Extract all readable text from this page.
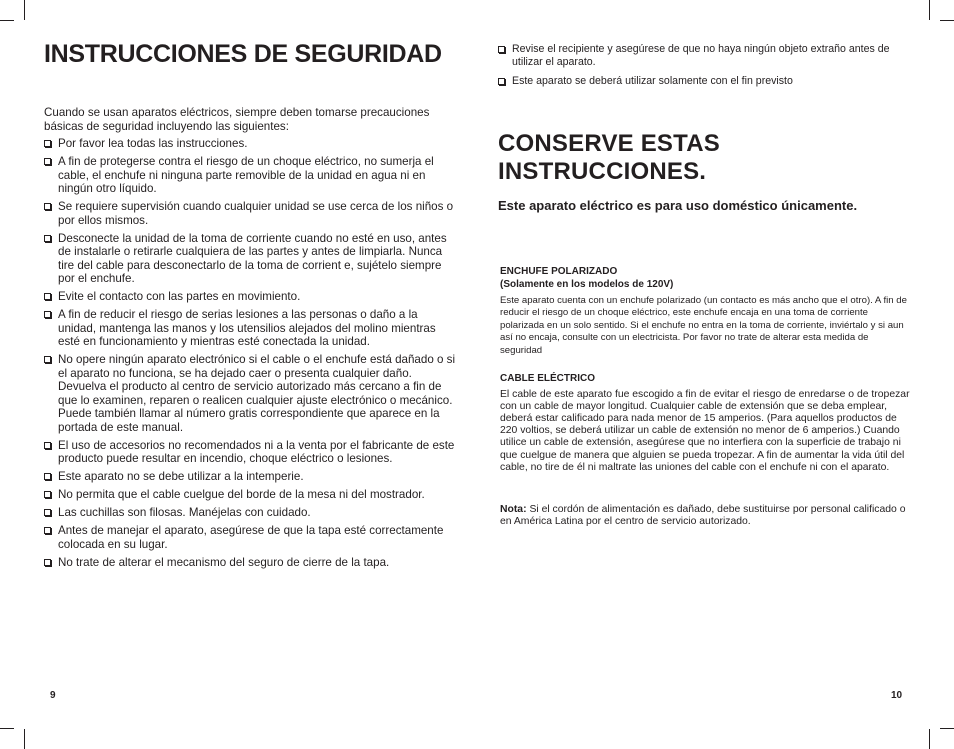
INSTRUCCIONES DE SEGURIDAD

Cuando se usan aparatos eléctricos, siempre deben tomarse precauciones básicas de seguridad incluyendo las siguientes:

Por favor lea todas las instrucciones.
A fin de protegerse contra el riesgo de un choque eléctrico, no sumerja el cable, el enchufe ni ninguna parte removible de la unidad en agua ni en ningún otro líquido.
Se requiere supervisión cuando cualquier unidad se use cerca de los niños o por ellos mismos.
Desconecte la unidad de la toma de corriente cuando no esté en uso, antes de instalarle o retirarle cualquiera de las partes y antes de limpiarla. Nunca tire del cable para desconectarlo de la toma de corrient e, sujételo siempre por el enchufe.
Evite el contacto con las partes en movimiento.
A fin de reducir el riesgo de serias lesiones a las personas o daño a la unidad, mantenga las manos y los utensilios alejados del molino mientras esté en funcionamiento y mientras esté conectada la unidad.
No opere ningún aparato electrónico si el cable o el enchufe está dañado o si el aparato no funciona, se ha dejado caer o presenta cualquier daño. Devuelva el producto al centro de servicio autorizado más cercano a fin de que lo examinen, reparen o realicen cualquier ajuste electrónico o mecánico. Puede también llamar al número gratis correspondiente que aparece en la portada de este manual.
El uso de accesorios no recomendados ni a la venta por el fabricante de este producto puede resultar en incendio, choque eléctrico o lesiones.
Este aparato no se debe utilizar a la intemperie.
No permita que el cable cuelgue del borde de la mesa ni del mostrador.
Las cuchillas son filosas. Manéjelas con cuidado.
Antes de manejar el aparato, asegúrese de que la tapa esté correctamente colocada en su lugar.
No trate de alterar el mecanismo del seguro de cierre de la tapa.
9
Revise el recipiente y asegúrese de que no haya ningún objeto extraño antes de utilizar el aparato.
Este aparato se deberá utilizar solamente con el fin previsto
CONSERVE ESTAS INSTRUCCIONES.

Este aparato eléctrico es para uso doméstico únicamente.

ENCHUFE POLARIZADO
(Solamente en los modelos de 120V)

Este aparato cuenta con un enchufe polarizado (un contacto es más ancho que el otro). A fin de reducir el riesgo de un choque eléctrico, este enchufe encaja en una toma de corriente polarizada en un solo sentido. Si el enchufe no entra en la toma de corriente, inviértalo y si aun así no encaja, consulte con un electricista. Por favor no trate de alterar esta medida de seguridad

CABLE ELÉCTRICO

El cable de este aparato fue escogido a fin de evitar el riesgo de enredarse o de tropezar con un cable de mayor longitud. Cualquier cable de extensión que se deba emplear, deberá estar calificado para nada menor de 15 amperios. (Para aquellos productos de 220 voltios, se deberá utilizar un cable de extensión no menor de 6 amperios.) Cuando utilice un cable de extensión, asegúrese que no interfiera con la superficie de trabajo ni que cuelgue de manera que alguien se pueda tropezar. A fin de aumentar la vida útil del cable, no tire de él ni maltrate las uniones del cable con el enchufe ni con el aparato.

Nota: Si el cordón de alimentación es dañado, debe sustituirse por personal calificado o en América Latina por el centro de servicio autorizado.

10
